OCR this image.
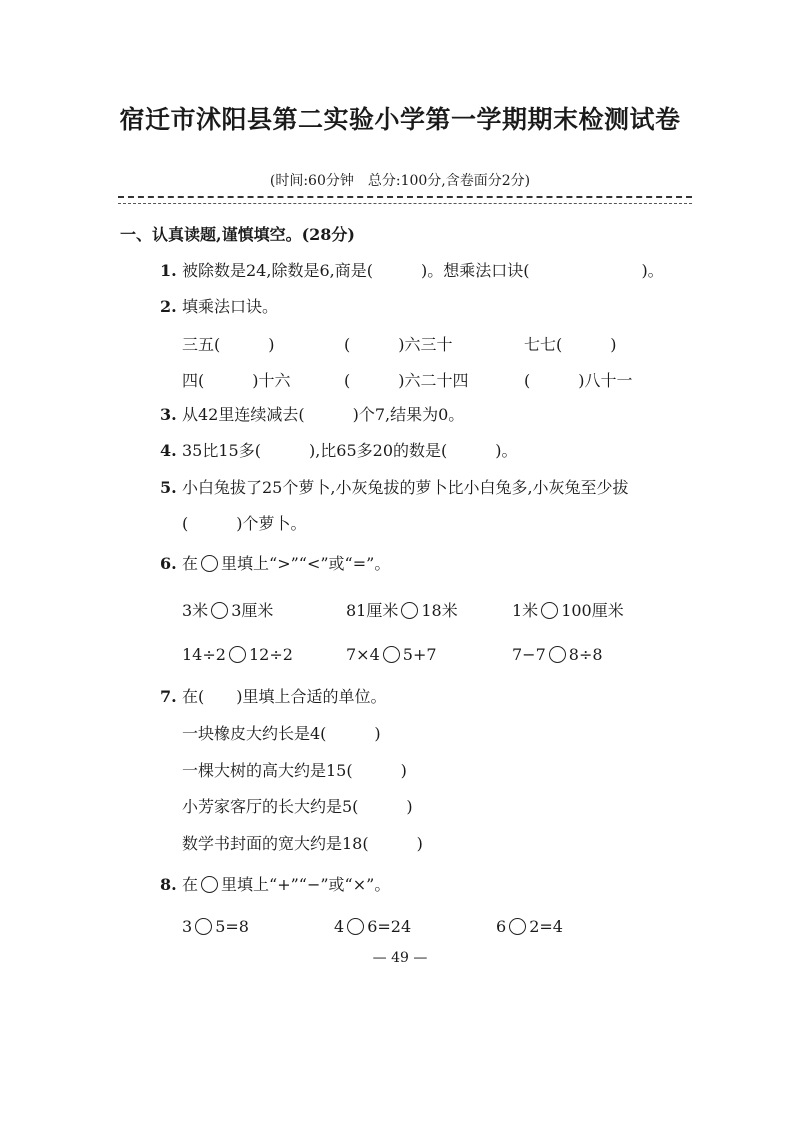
宿迁市沭阳县第二实验小学第一学期期末检测试卷
(时间:60分钟　总分:100分,含卷面分2分)
一、认真读题,谨慎填空。(28分)
1. 被除数是24,除数是6,商是(　　　)。想乘法口诀(　　　　　　　)。
2. 填乘法口诀。
三五(　　　)	(　　　)六三十	七七(　　　)
四(　　　)十六	(　　　)六二十四	(　　　)八十一
3. 从42里连续减去(　　　)个7,结果为0。
4. 35比15多(　　　),比65多20的数是(　　　)。
5. 小白兔拔了25个萝卜,小灰兔拔的萝卜比小白兔多,小灰兔至少拔
(　　　)个萝卜。
6. 在 里填上“>”“<”或“=”。
3米 3厘米	81厘米 18米	1米 100厘米
14÷2 12÷2	7×4 5+7	7−7 8÷8
7. 在(　　)里填上合适的单位。
一块橡皮大约长是4(　　　)
一棵大树的高大约是15(　　　)
小芳家客厅的长大约是5(　　　)
数学书封面的宽大约是18(　　　)
8. 在 里填上“+”“−”或“×”。
3 5=8	4 6=24	6 2=4
— 49 —
